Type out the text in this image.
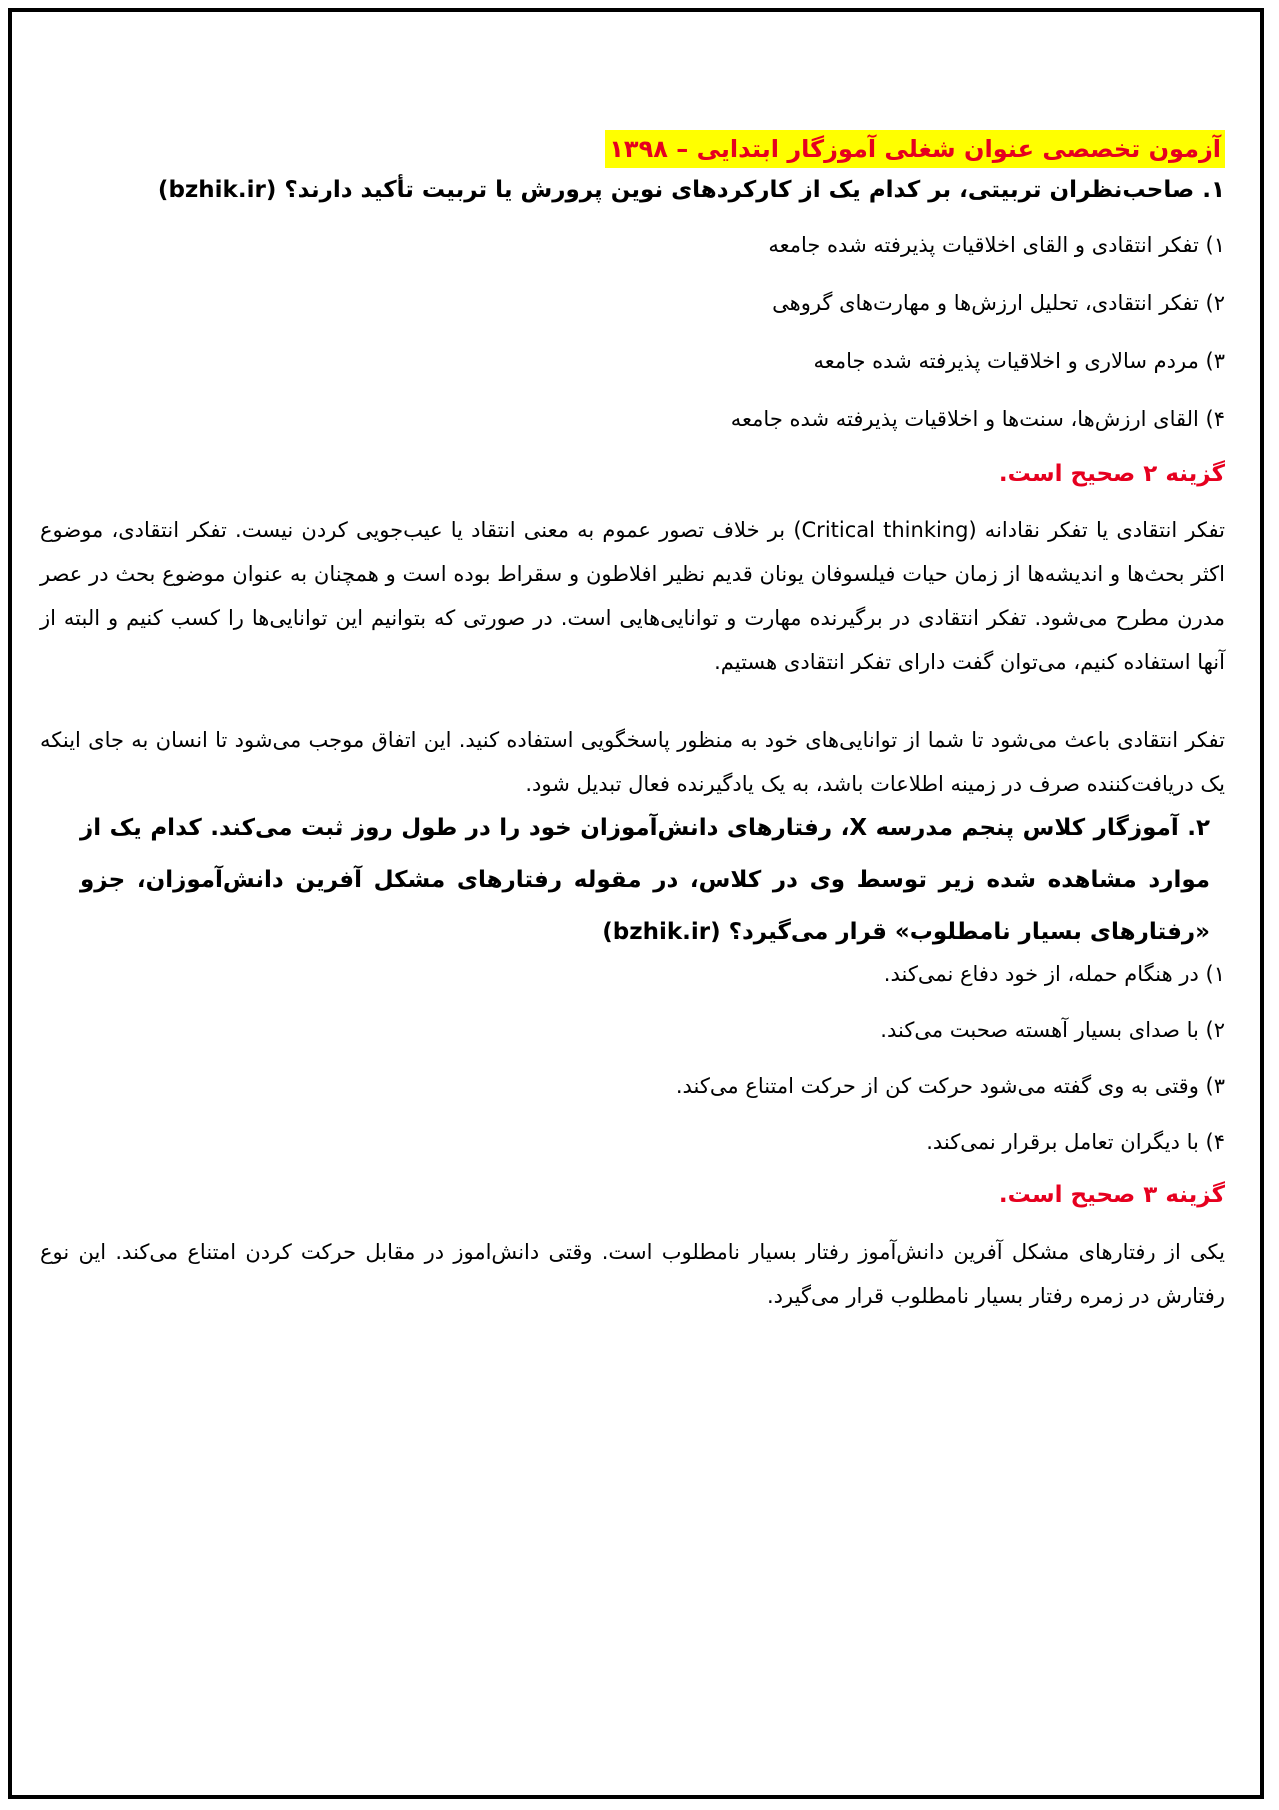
آزمون تخصصی عنوان شغلی آموزگار ابتدایی – ۱۳۹۸
۱. صاحب‌نظران تربیتی، بر کدام یک از کارکردهای نوین پرورش یا تربیت تأکید دارند؟ (bzhik.ir)
۱) تفکر انتقادی و القای اخلاقیات پذیرفته شده جامعه
۲) تفکر انتقادی، تحلیل ارزش‌ها و مهارت‌های گروهی
۳) مردم سالاری و اخلاقیات پذیرفته شده جامعه
۴) القای ارزش‌ها، سنت‌ها و اخلاقیات پذیرفته شده جامعه
گزینه ۲ صحیح است.
تفکر انتقادی یا تفکر نقادانه (Critical thinking) بر خلاف تصور عموم به معنی انتقاد یا عیب‌جویی کردن نیست. تفکر انتقادی، موضوع اکثر بحث‌ها و اندیشه‌ها از زمان حیات فیلسوفان یونان قدیم نظیر افلاطون و سقراط بوده است و همچنان به عنوان موضوع بحث در عصر مدرن مطرح می‌شود. تفکر انتقادی در برگیرنده مهارت و توانایی‌هایی است. در صورتی که بتوانیم این توانایی‌ها را کسب کنیم و البته از آنها استفاده کنیم، می‌توان گفت دارای تفکر انتقادی هستیم.
تفکر انتقادی باعث می‌شود تا شما از توانایی‌های خود به منظور پاسخگویی استفاده کنید. این اتفاق موجب می‌شود تا انسان به جای اینکه یک دریافت‌کننده صرف در زمینه اطلاعات باشد، به یک یادگیرنده فعال تبدیل شود.
۲. آموزگار کلاس پنجم مدرسه X، رفتارهای دانش‌آموزان خود را در طول روز ثبت می‌کند. کدام یک از موارد مشاهده شده زیر توسط وی در کلاس، در مقوله رفتارهای مشکل آفرین دانش‌آموزان، جزو «رفتارهای بسیار نامطلوب» قرار می‌گیرد؟ (bzhik.ir)
۱) در هنگام حمله، از خود دفاع نمی‌کند.
۲) با صدای بسیار آهسته صحبت می‌کند.
۳) وقتی به وی گفته می‌شود حرکت کن از حرکت امتناع می‌کند.
۴) با دیگران تعامل برقرار نمی‌کند.
گزینه ۳ صحیح است.
یکی از رفتارهای مشکل آفرین دانش‌آموز رفتار بسیار نامطلوب است. وقتی دانش‌اموز در مقابل حرکت کردن امتناع می‌کند. این نوع رفتارش در زمره رفتار بسیار نامطلوب قرار می‌گیرد.
